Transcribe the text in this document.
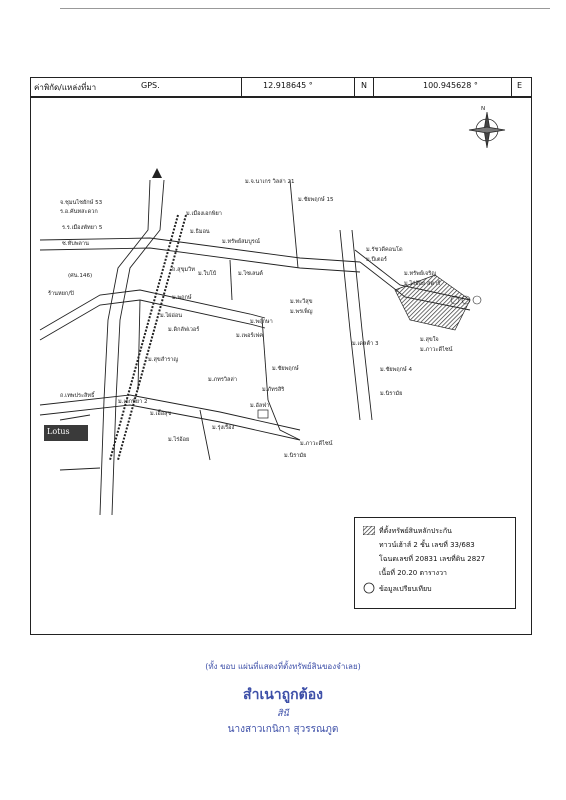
ค่าพิกัด/แหล่งที่มา	GPS.	12.918645 °	N	100.945628 °	E
N
ม.จ.นาเกร วิลล่า 21
จ.ชุมนไชยักษ์ 53
ร.อ.คันทสะดวก
ร.ร.เมืองพัทยา 5
ซ.ทับพลาน
(ศน.146)
ร้านหยก/ปิ
ถ.สุขุมวิท
ถ.เทพประสิทธิ์
ม.เมืองเอกพิยา
ม.ธิมอน
ม.ทรัพย์สมบูรณ์
ม.ชัยพฤกษ์ 15
ม.ไซเลนต์
ม.ใบโบ้
ม.ทะวีสุข
ม.พรเพ็ญ
ม.ไผ่อ่อน
ม.พฤกษา
ม.ดิกลัฟเวอร์
ม.เพอร์เฟค
ม.สุขสำราญ
ม.ภทรวิลล่า
ม.ชัยพฤกษ์
ม.ภัทรสิริ
ม.เอื้อสุข
ม.ไร่อ้อย
ม.รุ่งเรือง
ม.ภาวะดีไซน์
ม.นิรามัย
ม.สุขใจ
ม.ภาวะดีไซน์
ม.ชัยพฤกษ์ 4
ม.นิรามัย
ม.พฤกษ์
ม.เอกพิยา 2
ม.เดลต้า 3
ม.อัลฟ่า
ม.รัชวดีคอนโด
ม.ปีเตอร์
ม.ทรัพย์เจริญ
ม.ไร่อ้อย สตาร์
Lotus
ที่ตั้งทรัพย์สินหลักประกัน
ทาวน์เฮ้าส์ 2 ชั้น เลขที่ 33/683
โฉนดเลขที่ 20831 เลขที่ดิน 2827
เนื้อที่ 20.20 ตารางวา
ข้อมูลเปรียบเทียบ
(ทั้ง ขอบ แผ่นที่แสดงที่ตั้งทรัพย์สินของจำเลย)
สำเนาถูกต้อง
สินี
นางสาวเกนิกา สุวรรณภูต
